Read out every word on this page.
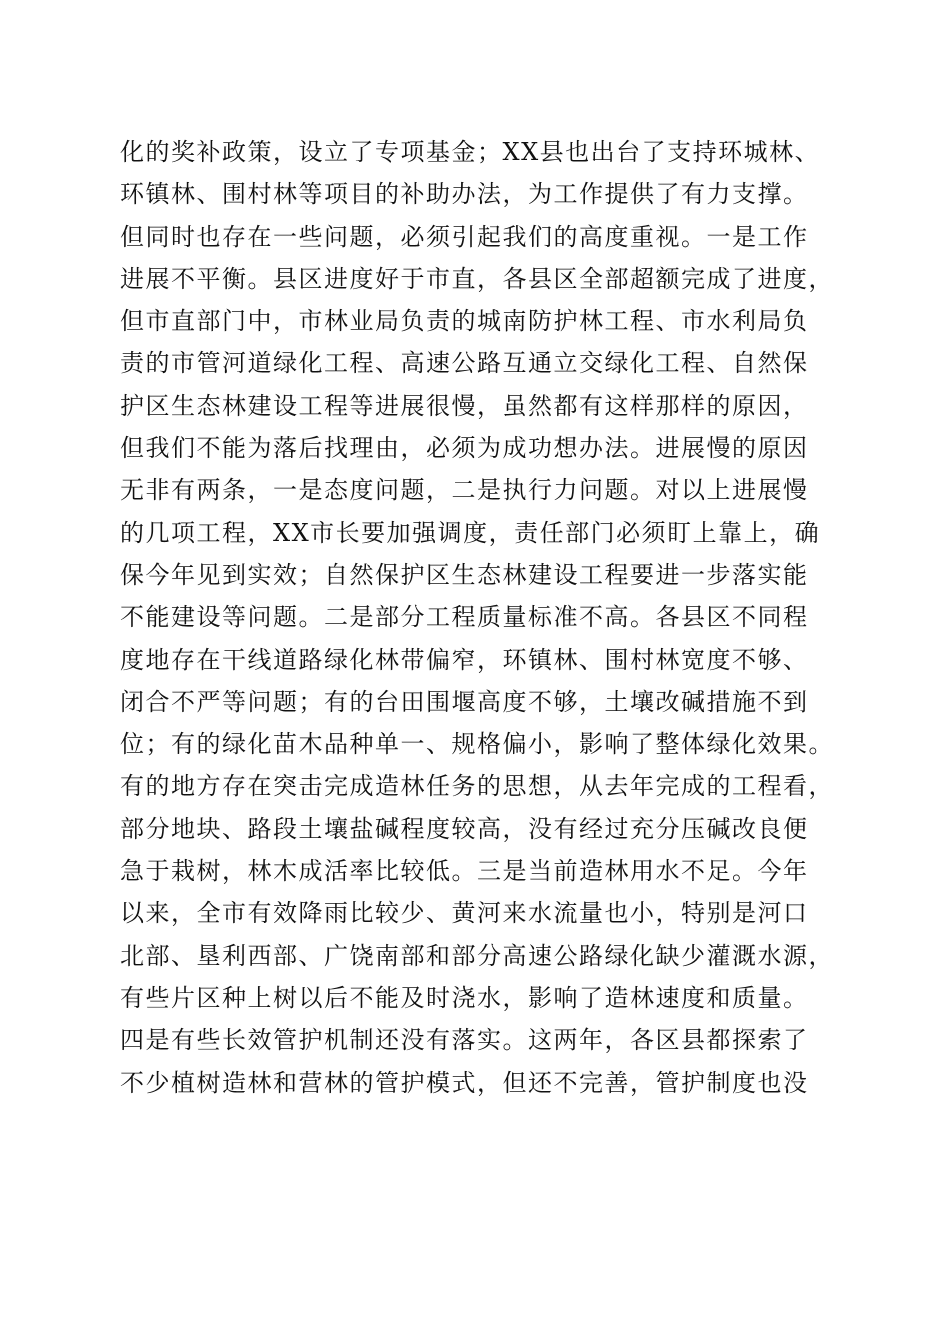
化的奖补政策，设立了专项基金；XX县也出台了支持环城林、
环镇林、围村林等项目的补助办法，为工作提供了有力支撑。
但同时也存在一些问题，必须引起我们的高度重视。一是工作
进展不平衡。县区进度好于市直，各县区全部超额完成了进度，
但市直部门中，市林业局负责的城南防护林工程、市水利局负
责的市管河道绿化工程、高速公路互通立交绿化工程、自然保
护区生态林建设工程等进展很慢，虽然都有这样那样的原因，
但我们不能为落后找理由，必须为成功想办法。进展慢的原因
无非有两条，一是态度问题，二是执行力问题。对以上进展慢
的几项工程，XX市长要加强调度，责任部门必须盯上靠上，确
保今年见到实效；自然保护区生态林建设工程要进一步落实能
不能建设等问题。二是部分工程质量标准不高。各县区不同程
度地存在干线道路绿化林带偏窄，环镇林、围村林宽度不够、
闭合不严等问题；有的台田围堰高度不够，土壤改碱措施不到
位；有的绿化苗木品种单一、规格偏小，影响了整体绿化效果。
有的地方存在突击完成造林任务的思想，从去年完成的工程看，
部分地块、路段土壤盐碱程度较高，没有经过充分压碱改良便
急于栽树，林木成活率比较低。三是当前造林用水不足。今年
以来，全市有效降雨比较少、黄河来水流量也小，特别是河口
北部、垦利西部、广饶南部和部分高速公路绿化缺少灌溉水源，
有些片区种上树以后不能及时浇水，影响了造林速度和质量。
四是有些长效管护机制还没有落实。这两年，各区县都探索了
不少植树造林和营林的管护模式，但还不完善，管护制度也没
